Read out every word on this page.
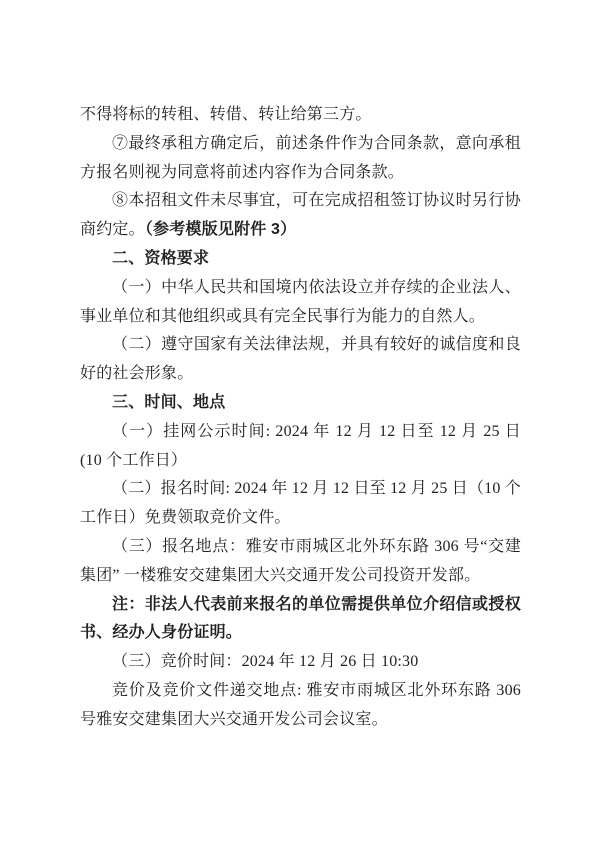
不得将标的转租、转借、转让给第三方。

⑦最终承租方确定后，前述条件作为合同条款，意向承租方报名则视为同意将前述内容作为合同条款。

⑧本招租文件未尽事宜，可在完成招租签订协议时另行协商约定。（参考模版见附件 3）

二、资格要求

（一）中华人民共和国境内依法设立并存续的企业法人、事业单位和其他组织或具有完全民事行为能力的自然人。

（二）遵守国家有关法律法规，并具有较好的诚信度和良好的社会形象。

三、时间、地点

（一）挂网公示时间: 2024 年 12 月 12 日至 12 月 25 日(10 个工作日）

（二）报名时间: 2024 年 12 月 12 日至 12 月 25 日（10 个工作日）免费领取竞价文件。

（三）报名地点：雅安市雨城区北外环东路 306 号“交建集团” 一楼雅安交建集团大兴交通开发公司投资开发部。

注：非法人代表前来报名的单位需提供单位介绍信或授权书、经办人身份证明。

（三）竞价时间：2024 年 12 月 26 日 10:30

竞价及竞价文件递交地点: 雅安市雨城区北外环东路 306 号雅安交建集团大兴交通开发公司会议室。
